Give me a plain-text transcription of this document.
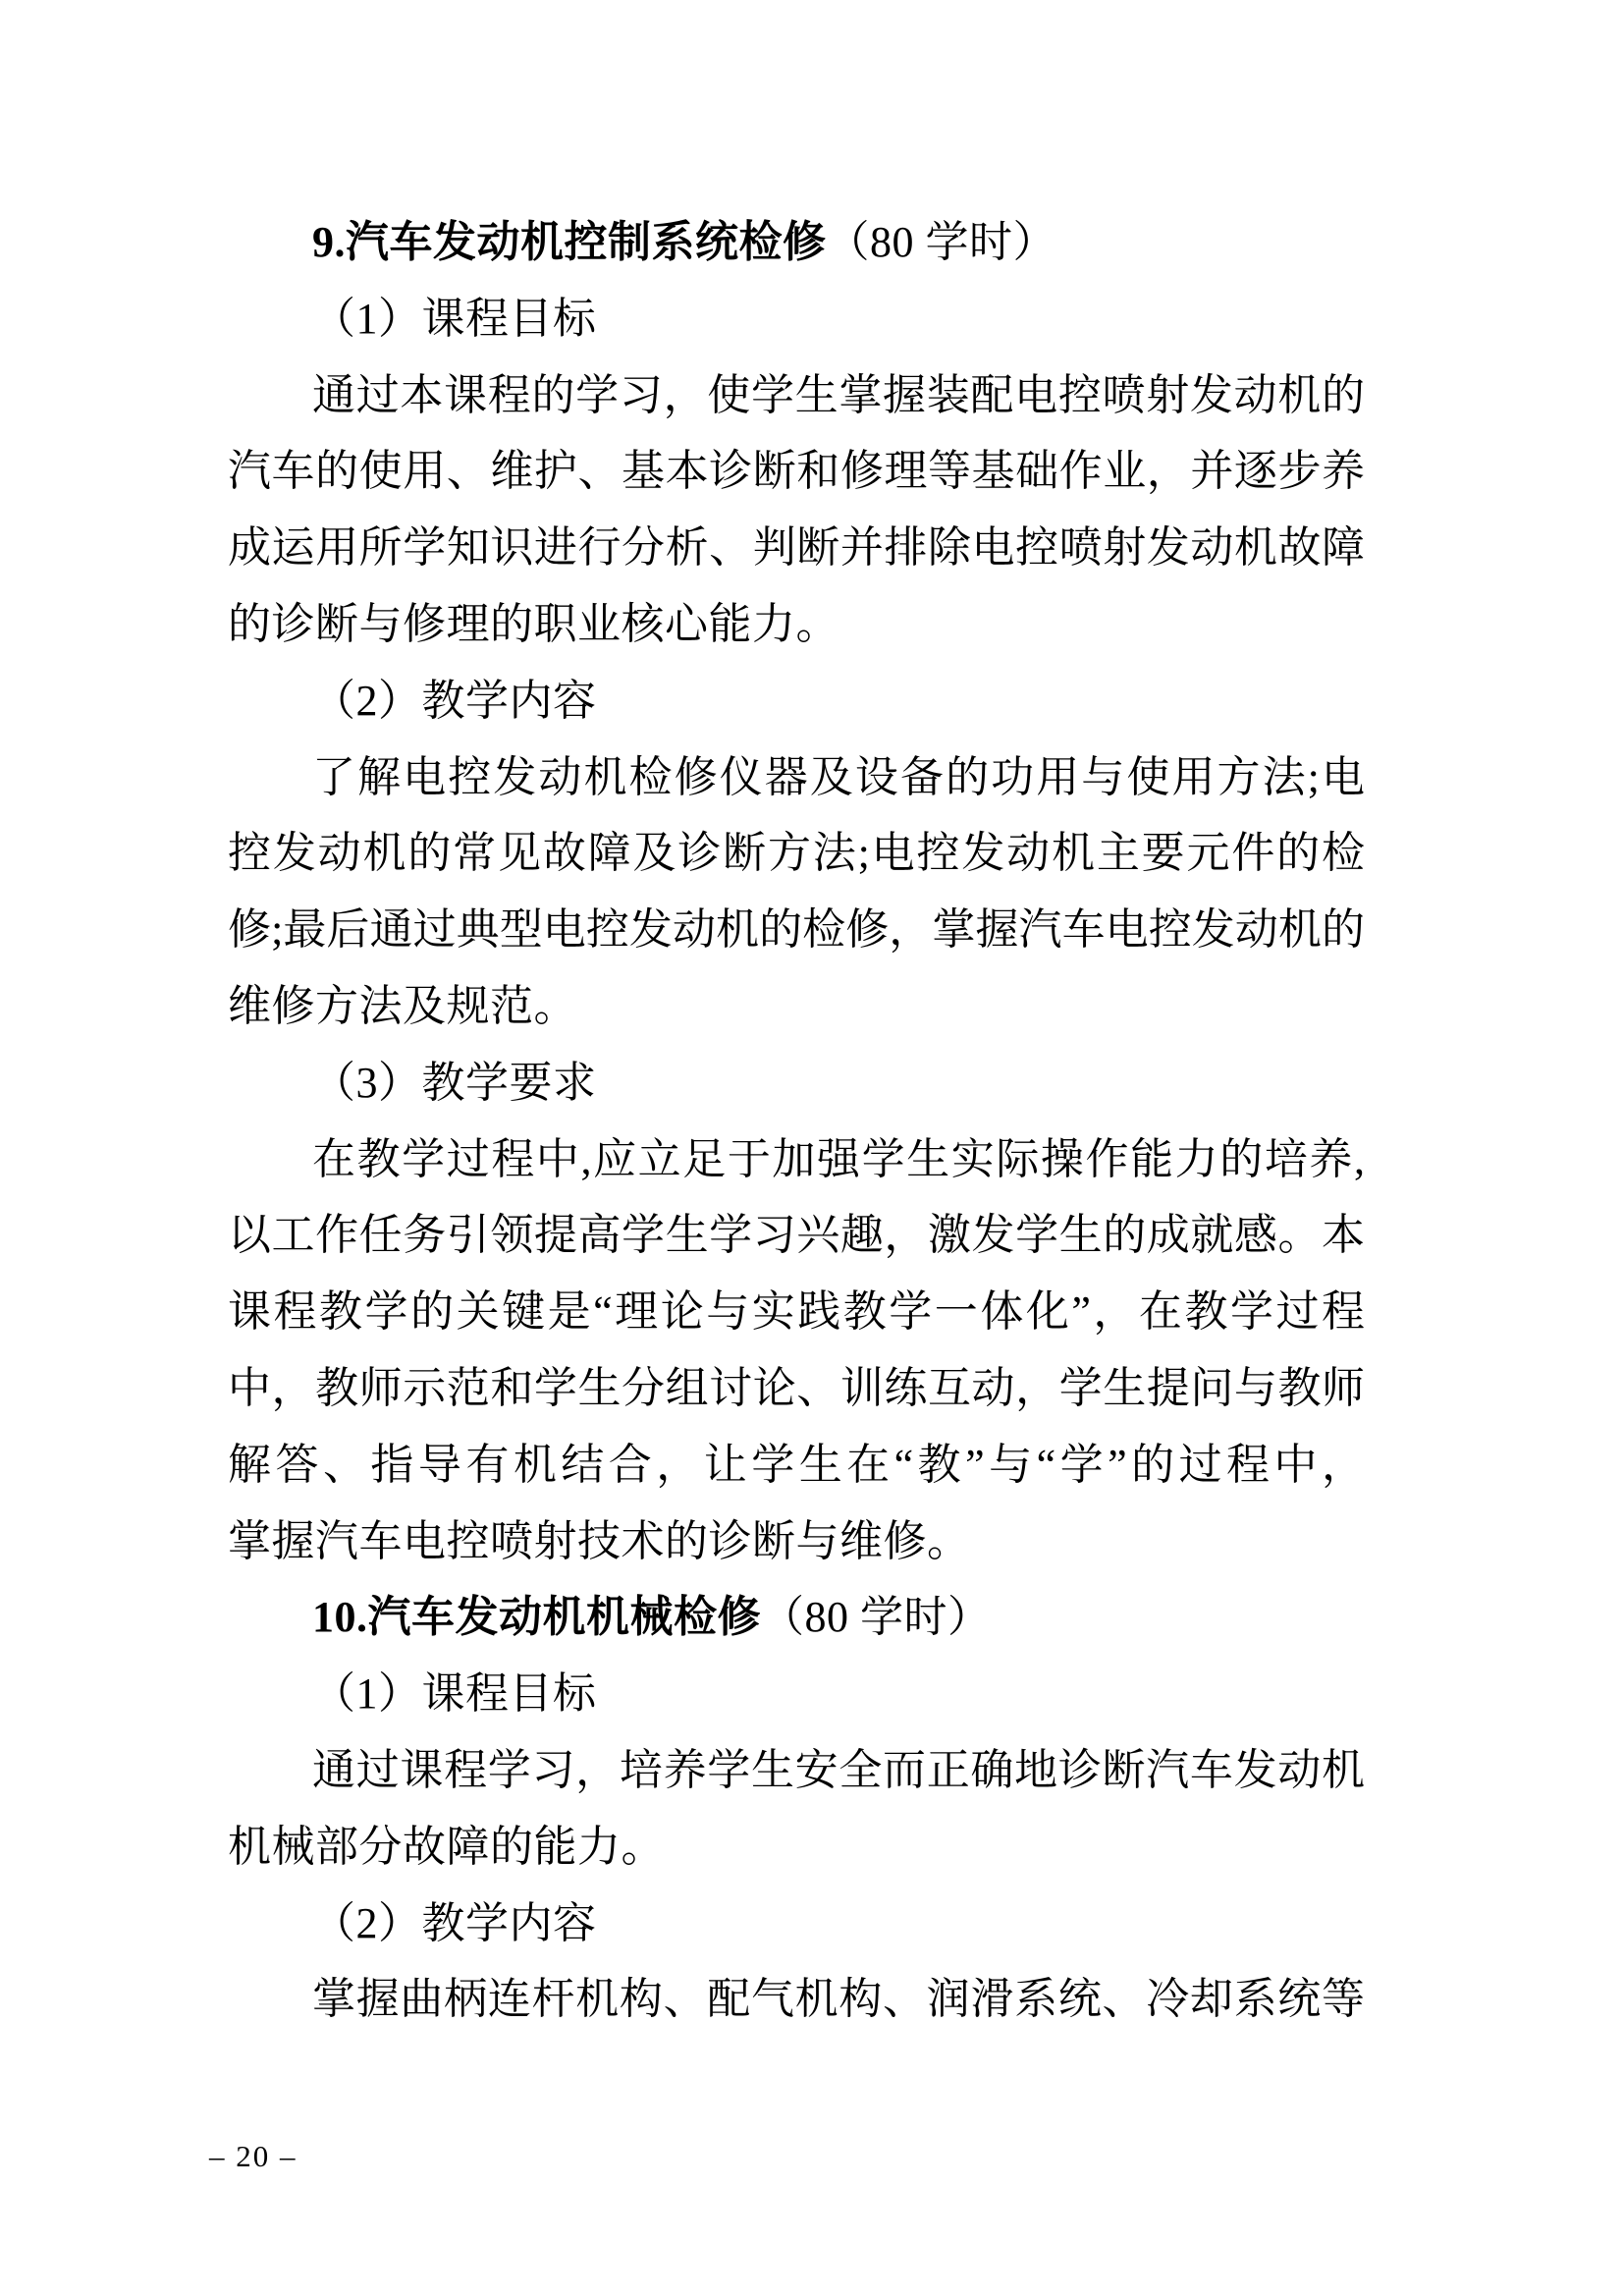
9.汽车发动机控制系统检修（80 学时）
（1）课程目标
通过本课程的学习，使学生掌握装配电控喷射发动机的
汽车的使用、维护、基本诊断和修理等基础作业，并逐步养
成运用所学知识进行分析、判断并排除电控喷射发动机故障
的诊断与修理的职业核心能力。
（2）教学内容
了解电控发动机检修仪器及设备的功用与使用方法;电
控发动机的常见故障及诊断方法;电控发动机主要元件的检
修;最后通过典型电控发动机的检修，掌握汽车电控发动机的
维修方法及规范。
（3）教学要求
在教学过程中,应立足于加强学生实际操作能力的培养,
以工作任务引领提高学生学习兴趣，激发学生的成就感。本
课程教学的关键是“理论与实践教学一体化”，在教学过程
中，教师示范和学生分组讨论、训练互动，学生提问与教师
解答、指导有机结合，让学生在“教”与“学”的过程中，
掌握汽车电控喷射技术的诊断与维修。
10.汽车发动机机械检修（80 学时）
（1）课程目标
通过课程学习，培养学生安全而正确地诊断汽车发动机
机械部分故障的能力。
（2）教学内容
掌握曲柄连杆机构、配气机构、润滑系统、冷却系统等
– 20 –
